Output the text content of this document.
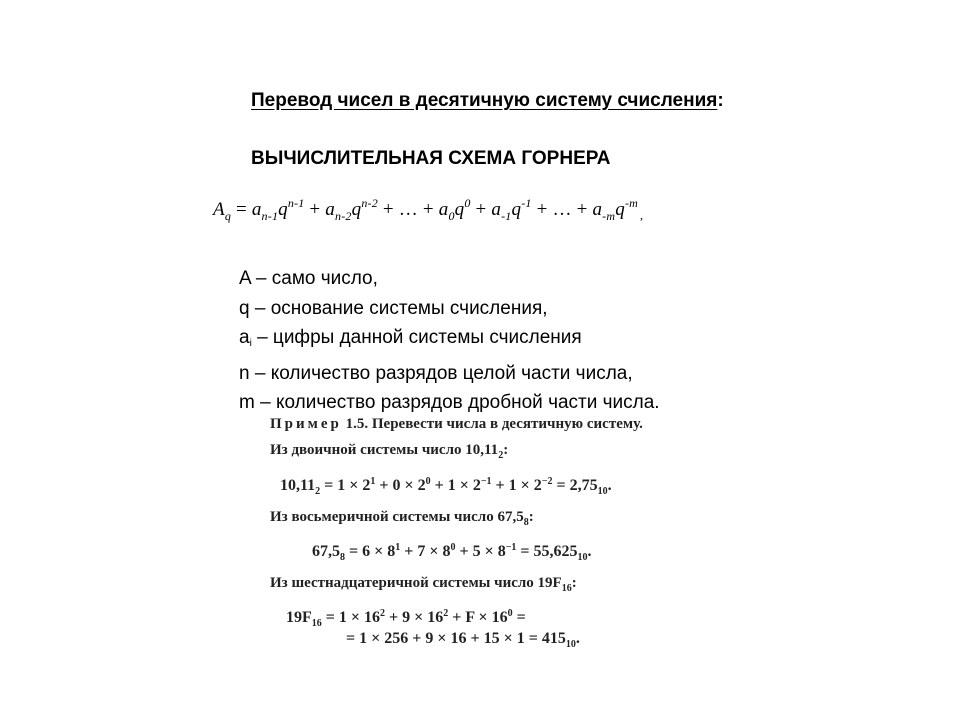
Перевод чисел в десятичную систему счисления:
ВЫЧИСЛИТЕЛЬНАЯ СХЕМА ГОРНЕРА
$A_q = a_{n-1}q^{n-1} + a_{n-2}q^{n-2}$ + … + $a_0q^0 + a_{-1}q^{-1}$ + … + $a_{-m}q^{-m}_,$
A – само число,
q – основание системы счисления,
$a_i$ – цифры данной системы счисления
n – количество разрядов целой части числа,
m – количество разрядов дробной части числа.
Пример 1.5. Перевести числа в десятичную систему.
Из двоичной системы число $10,11_2$:
$10,11_2 = 1 \times 2^1 + 0 \times 2^0 + 1 \times 2^{-1} + 1 \times 2^{-2} = 2,75_{10}$.
Из восьмеричной системы число $67,5_8$:
$67,5_8 = 6 \times 8^1 + 7 \times 8^0 + 5 \times 8^{-1} = 55,625_{10}$.
Из шестнадцатеричной системы число $19F_{16}$:
$19F_{16} = 1 \times 16^2 + 9 \times 16^2 + F \times 16^0$ =
= $1 \times 256 + 9 \times 16 + 15 \times 1 = 415_{10}$.
